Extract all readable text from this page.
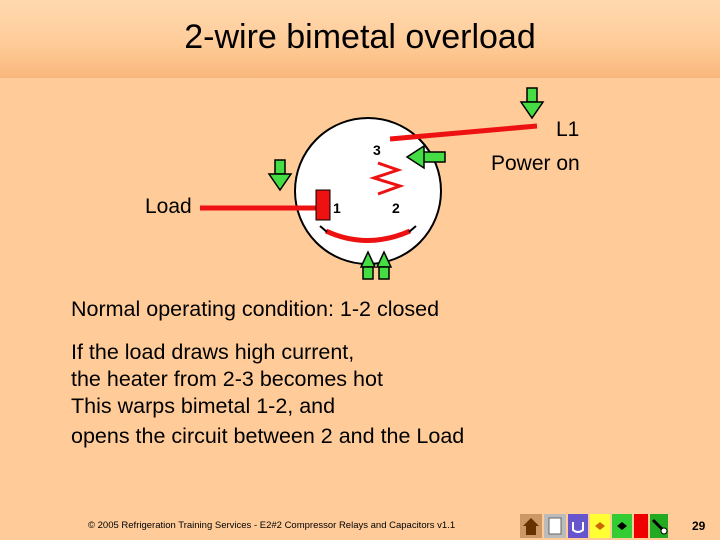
2-wire bimetal overload
3
1	2
Load
L1
Power on
Normal operating condition: 1-2 closed
If the load draws high current,
the heater from 2-3 becomes hot
This warps bimetal 1-2, and
opens the circuit between 2 and the Load
© 2005 Refrigeration Training Services - E2#2 Compressor Relays and Capacitors v1.1	29
